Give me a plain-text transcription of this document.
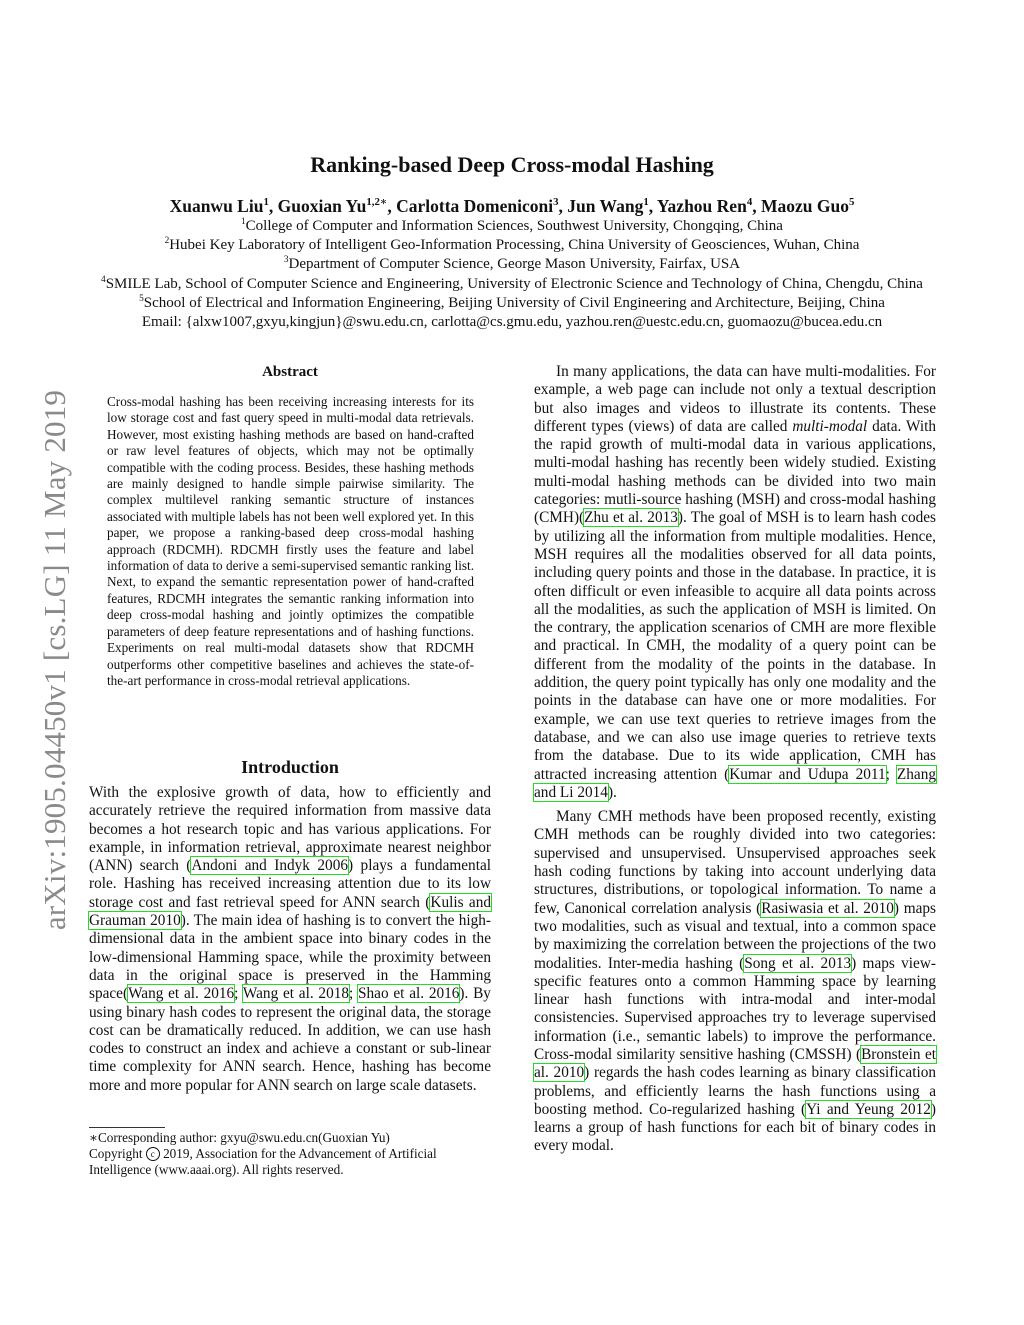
arXiv:1905.04450v1 [cs.LG] 11 May 2019
Ranking-based Deep Cross-modal Hashing
Xuanwu Liu$^1$, Guoxian $Yu^{1,2∗}$, Carlotta Domeniconi$^3$, Jun Wang$^1$, Yazhou Ren$^4$, Maozu Guo$^5$
$^1$College of Computer and Information Sciences, Southwest University, Chongqing, China
$^2$Hubei Key Laboratory of Intelligent Geo-Information Processing, China University of Geosciences, Wuhan, China
$^3$Department of Computer Science, George Mason University, Fairfax, USA
$^4$SMILE Lab, School of Computer Science and Engineering, University of Electronic Science and Technology of China, Chengdu, China
$^5$School of Electrical and Information Engineering, Beijing University of Civil Engineering and Architecture, Beijing, China
Email: {alxw1007,gxyu,kingjun}@swu.edu.cn, carlotta@cs.gmu.edu, yazhou.ren@uestc.edu.cn, guomaozu@bucea.edu.cn
Abstract
Cross-modal hashing has been receiving increasing interests for its low storage cost and fast query speed in multi-modal data retrievals. However, most existing hashing methods are based on hand-crafted or raw level features of objects, which may not be optimally compatible with the coding process. Besides, these hashing methods are mainly designed to handle simple pairwise similarity. The complex multilevel ranking semantic structure of instances associated with multiple labels has not been well explored yet. In this paper, we propose a ranking-based deep cross-modal hashing approach (RDCMH). RDCMH firstly uses the feature and label information of data to derive a semi-supervised semantic ranking list. Next, to expand the semantic representation power of hand-crafted features, RDCMH integrates the semantic ranking information into deep cross-modal hashing and jointly optimizes the compatible parameters of deep feature representations and of hashing functions. Experiments on real multi-modal datasets show that RDCMH outperforms other competitive baselines and achieves the state-of-the-art performance in cross-modal retrieval applications.
Introduction
With the explosive growth of data, how to efficiently and accurately retrieve the required information from massive data becomes a hot research topic and has various applications. For example, in information retrieval, approximate nearest neighbor (ANN) search (Andoni and Indyk 2006) plays a fundamental role. Hashing has received increasing attention due to its low storage cost and fast retrieval speed for ANN search (Kulis and Grauman 2010). The main idea of hashing is to convert the high-dimensional data in the ambient space into binary codes in the low-dimensional Hamming space, while the proximity between data in the original space is preserved in the Hamming space(Wang et al. 2016; Wang et al. 2018; Shao et al. 2016). By using binary hash codes to represent the original data, the storage cost can be dramatically reduced. In addition, we can use hash codes to construct an index and achieve a constant or sub-linear time complexity for ANN search. Hence, hashing has become more and more popular for ANN search on large scale datasets.
∗Corresponding author: gxyu@swu.edu.cn(Guoxian Yu)
Copyright c 2019, Association for the Advancement of Artificial Intelligence (www.aaai.org). All rights reserved.

In many applications, the data can have multi-modalities. For example, a web page can include not only a textual description but also images and videos to illustrate its contents. These different types (views) of data are called multi-modal data. With the rapid growth of multi-modal data in various applications, multi-modal hashing has recently been widely studied. Existing multi-modal hashing methods can be divided into two main categories: mutli-source hashing (MSH) and cross-modal hashing (CMH)(Zhu et al. 2013). The goal of MSH is to learn hash codes by utilizing all the information from multiple modalities. Hence, MSH requires all the modalities observed for all data points, including query points and those in the database. In practice, it is often difficult or even infeasible to acquire all data points across all the modalities, as such the application of MSH is limited. On the contrary, the application scenarios of CMH are more flexible and practical. In CMH, the modality of a query point can be different from the modality of the points in the database. In addition, the query point typically has only one modality and the points in the database can have one or more modalities. For example, we can use text queries to retrieve images from the database, and we can also use image queries to retrieve texts from the database. Due to its wide application, CMH has attracted increasing attention (Kumar and Udupa 2011; Zhang and Li 2014).

Many CMH methods have been proposed recently, existing CMH methods can be roughly divided into two categories: supervised and unsupervised. Unsupervised approaches seek hash coding functions by taking into account underlying data structures, distributions, or topological information. To name a few, Canonical correlation analysis (Rasiwasia et al. 2010) maps two modalities, such as visual and textual, into a common space by maximizing the correlation between the projections of the two modalities. Inter-media hashing (Song et al. 2013) maps view-specific features onto a common Hamming space by learning linear hash functions with intra-modal and inter-modal consistencies. Supervised approaches try to leverage supervised information (i.e., semantic labels) to improve the performance. Cross-modal similarity sensitive hashing (CMSSH) (Bronstein et al. 2010) regards the hash codes learning as binary classification problems, and efficiently learns the hash functions using a boosting method. Co-regularized hashing (Yi and Yeung 2012) learns a group of hash functions for each bit of binary codes in every modal.
